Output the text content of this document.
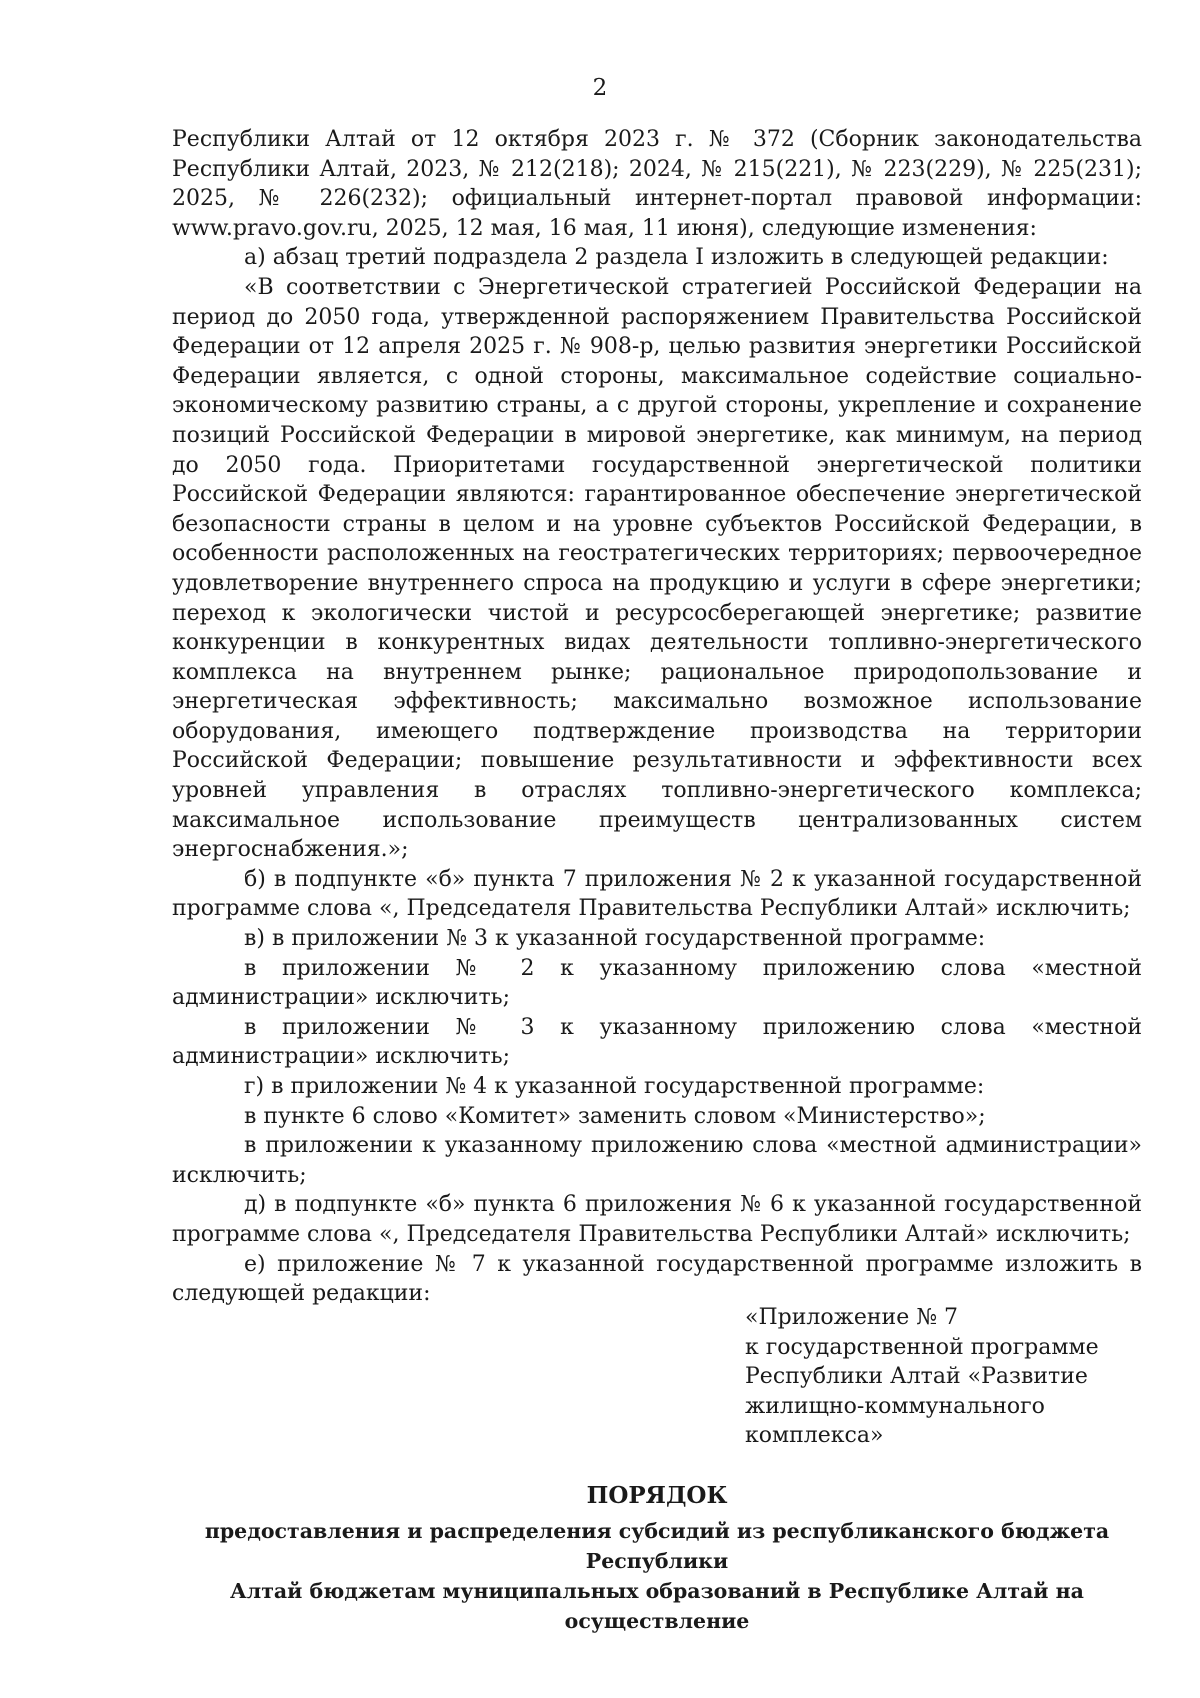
2

Республики Алтай от 12 октября 2023 г. № 372 (Сборник законодательства Республики Алтай, 2023, № 212(218); 2024, № 215(221), № 223(229), № 225(231); 2025, № 226(232); официальный интернет-портал правовой информации: www.pravo.gov.ru, 2025, 12 мая, 16 мая, 11 июня), следующие изменения:

а) абзац третий подраздела 2 раздела I изложить в следующей редакции:

«В соответствии с Энергетической стратегией Российской Федерации на период до 2050 года, утвержденной распоряжением Правительства Российской Федерации от 12 апреля 2025 г. № 908-р, целью развития энергетики Российской Федерации является, с одной стороны, максимальное содействие социально-экономическому развитию страны, а с другой стороны, укрепление и сохранение позиций Российской Федерации в мировой энергетике, как минимум, на период до 2050 года. Приоритетами государственной энергетической политики Российской Федерации являются: гарантированное обеспечение энергетической безопасности страны в целом и на уровне субъектов Российской Федерации, в особенности расположенных на геостратегических территориях; первоочередное удовлетворение внутреннего спроса на продукцию и услуги в сфере энергетики; переход к экологически чистой и ресурсосберегающей энергетике; развитие конкуренции в конкурентных видах деятельности топливно-энергетического комплекса на внутреннем рынке; рациональное природопользование и энергетическая эффективность; максимально возможное использование оборудования, имеющего подтверждение производства на территории Российской Федерации; повышение результативности и эффективности всех уровней управления в отраслях топливно-энергетического комплекса; максимальное использование преимуществ централизованных систем энергоснабжения.»;

б) в подпункте «б» пункта 7 приложения № 2 к указанной государственной программе слова «, Председателя Правительства Республики Алтай» исключить;

в) в приложении № 3 к указанной государственной программе:

в приложении № 2 к указанному приложению слова «местной администрации» исключить;

в приложении № 3 к указанному приложению слова «местной администрации» исключить;

г) в приложении № 4 к указанной государственной программе:

в пункте 6 слово «Комитет» заменить словом «Министерство»;

в приложении к указанному приложению слова «местной администрации» исключить;

д) в подпункте «б» пункта 6 приложения № 6 к указанной государственной программе слова «, Председателя Правительства Республики Алтай» исключить;

е) приложение № 7 к указанной государственной программе изложить в следующей редакции:

«Приложение № 7
к государственной программе
Республики Алтай «Развитие
жилищно-коммунального
комплекса»
ПОРЯДОК
предоставления и распределения субсидий из республиканского бюджета Республики
Алтай бюджетам муниципальных образований в Республике Алтай на осуществление
